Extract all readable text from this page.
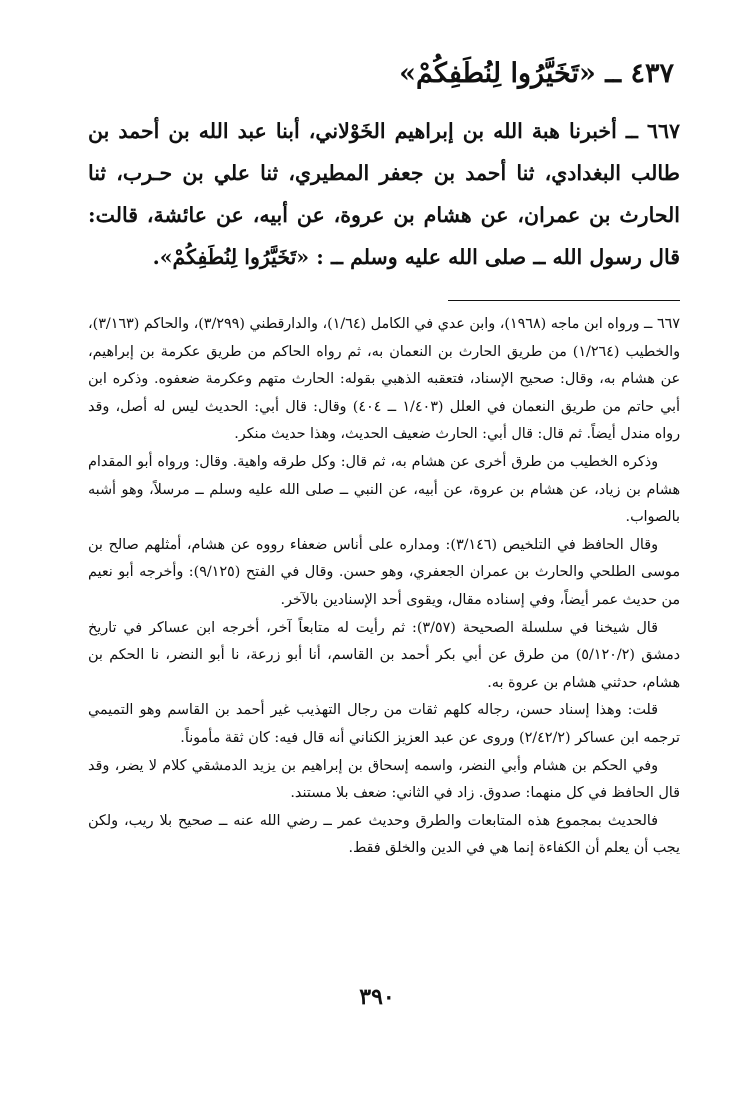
٤٣٧ ــ «تَخَيَّرُوا لِنُطَفِكُمْ»
٦٦٧ ــ أخبرنا هبة الله بن إبراهيم الخَوْلاني، أبنا عبد الله بن أحمد بن طالب البغدادي، ثنا أحمد بن جعفر المطيري، ثنا علي بن حـرب، ثنا الحارث بن عمران، عن هشام بن عروة، عن أبيه، عن عائشة، قالت: قال رسول الله ــ صلى الله عليه وسلم ــ : «تَخَيَّرُوا لِنُطَفِكُمْ».

٦٦٧ ــ ورواه ابن ماجه (١٩٦٨)، وابن عدي في الكامل (١/٦٤)، والدارقطني (٣/٢٩٩)، والحاكم (٣/١٦٣)، والخطيب (١/٢٦٤) من طريق الحارث بن النعمان به، ثم رواه الحاكم من طريق عكرمة بن إبراهيم، عن هشام به، وقال: صحيح الإسناد، فتعقبه الذهبي بقوله: الحارث متهم وعكرمة ضعفوه. وذكره ابن أبي حاتم من طريق النعمان في العلل (١/٤٠٣ ــ ٤٠٤) وقال: قال أبي: الحديث ليس له أصل، وقد رواه مندل أيضاً. ثم قال: قال أبي: الحارث ضعيف الحديث، وهذا حديث منكر.

وذكره الخطيب من طرق أخرى عن هشام به، ثم قال: وكل طرقه واهية. وقال: ورواه أبو المقدام هشام بن زياد، عن هشام بن عروة، عن أبيه، عن النبي ــ صلى الله عليه وسلم ــ مرسلاً، وهو أشبه بالصواب.

وقال الحافظ في التلخيص (٣/١٤٦): ومداره على أناس ضعفاء رووه عن هشام، أمثلهم صالح بن موسى الطلحي والحارث بن عمران الجعفري، وهو حسن. وقال في الفتح (٩/١٢٥): وأخرجه أبو نعيم من حديث عمر أيضاً، وفي إسناده مقال، ويقوى أحد الإسنادين بالآخر.

قال شيخنا في سلسلة الصحيحة (٣/٥٧): ثم رأيت له متابعاً آخر، أخرجه ابن عساكر في تاريخ دمشق (٥/١٢٠/٢) من طرق عن أبي بكر أحمد بن القاسم، أنا أبو زرعة، نا أبو النضر، نا الحكم بن هشام، حدثني هشام بن عروة به.

قلت: وهذا إسناد حسن، رجاله كلهم ثقات من رجال التهذيب غير أحمد بن القاسم وهو التميمي ترجمه ابن عساكر (٢/٤٢/٢) وروى عن عبد العزيز الكناني أنه قال فيه: كان ثقة مأموناً.

وفي الحكم بن هشام وأبي النضر، واسمه إسحاق بن إبراهيم بن يزيد الدمشقي كلام لا يضر، وقد قال الحافظ في كل منهما: صدوق. زاد في الثاني: ضعف بلا مستند.

فالحديث بمجموع هذه المتابعات والطرق وحديث عمر ــ رضي الله عنه ــ صحيح بلا ريب، ولكن يجب أن يعلم أن الكفاءة إنما هي في الدين والخلق فقط.

٣٩٠
